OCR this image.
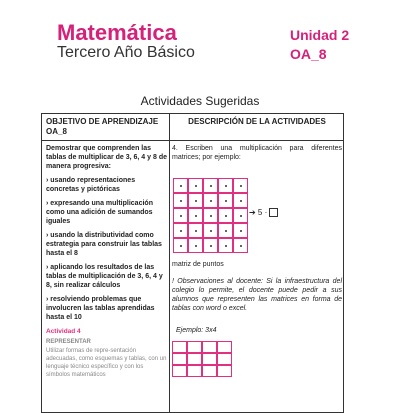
Matemática
Tercero Año Básico
Unidad 2
OA_8
Actividades Sugeridas
OBJETIVO DE APRENDIZAJE OA_8
DESCRIPCIÓN DE LA ACTIVIDADES

Demostrar que comprenden las tablas de multiplicar de 3, 6, 4 y 8 de manera progresiva:

› usando representaciones concretas y pictóricas

› expresando una multiplicación como una adición de sumandos iguales

› usando la distributividad como estrategia para construir las tablas hasta el 8

› aplicando los resultados de las tablas de multiplicación de 3, 6, 4 y 8, sin realizar cálculos

› resolviendo problemas que involucren las tablas aprendidas hasta el 10

Actividad 4
REPRESENTAR
Utilizar formas de repre-sentación adecuadas, como esquemas y tablas, con un lenguaje técnico específico y con los símbolos matemáticos
4. Escriben una multiplicación para diferentes matrices; por ejemplo:
➔ 5 ·
matriz de puntos
! Observaciones al docente: Si la infraestructura del colegio lo permite, el docente puede pedir a sus alumnos que representen las matrices en forma de tablas con word o excel.
Ejemplo: 3x4
